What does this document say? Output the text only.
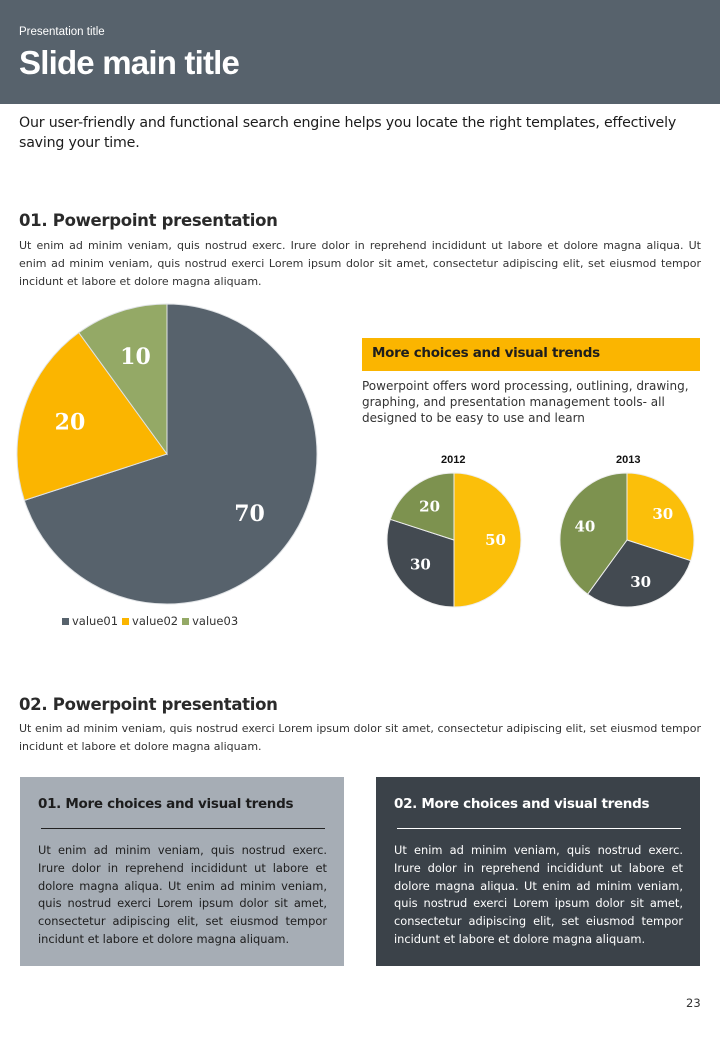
Presentation title
Slide main title
Our user-friendly and functional search engine helps you locate the right templates, effectively saving your time.
01. Powerpoint presentation
Ut enim ad minim veniam, quis nostrud exerc. Irure dolor in reprehend incididunt ut labore et dolore magna aliqua. Ut enim ad minim veniam, quis nostrud exerci Lorem ipsum dolor sit amet, consectetur adipiscing elit, set eiusmod tempor incidunt et labore et dolore magna aliquam.
70
20
10
value01 value02 value03
More choices and visual trends
Powerpoint offers word processing, outlining, drawing, graphing, and presentation management tools- all designed to be easy to use and learn
2012
50
30
20
2013
30
30
40
02. Powerpoint presentation
Ut enim ad minim veniam, quis nostrud exerci Lorem ipsum dolor sit amet, consectetur adipiscing elit, set eiusmod tempor incidunt et labore et dolore magna aliquam.
01. More choices and visual trends
Ut enim ad minim veniam, quis nostrud exerc. Irure dolor in reprehend incididunt ut labore et dolore magna aliqua. Ut enim ad minim veniam, quis nostrud exerci Lorem ipsum dolor sit amet, consectetur adipiscing elit, set eiusmod tempor incidunt et labore et dolore magna aliquam.
02. More choices and visual trends
Ut enim ad minim veniam, quis nostrud exerc. Irure dolor in reprehend incididunt ut labore et dolore magna aliqua. Ut enim ad minim veniam, quis nostrud exerci Lorem ipsum dolor sit amet, consectetur adipiscing elit, set eiusmod tempor incidunt et labore et dolore magna aliquam.
23
